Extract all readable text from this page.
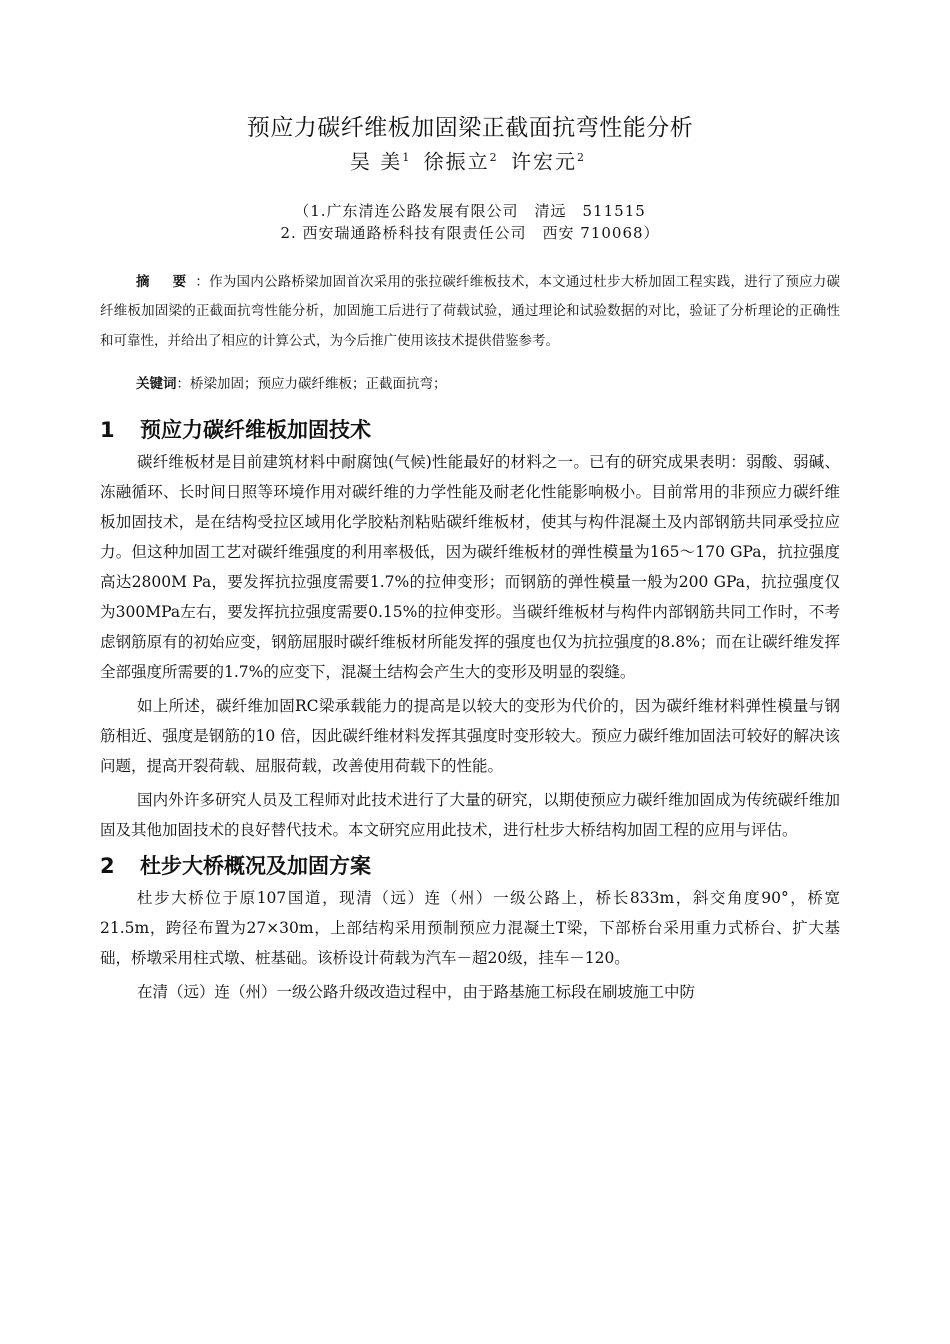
预应力碳纤维板加固梁正截面抗弯性能分析
吴 美$^1$ 徐振立$^2$ 许宏元$^2$
（1.广东清连公路发展有限公司　清远　511515
2. 西安瑞通路桥科技有限责任公司　西安 710068）

摘 要：作为国内公路桥梁加固首次采用的张拉碳纤维板技术，本文通过杜步大桥加固工程实践，进行了预应力碳纤维板加固梁的正截面抗弯性能分析，加固施工后进行了荷载试验，通过理论和试验数据的对比，验证了分析理论的正确性和可靠性，并给出了相应的计算公式，为今后推广使用该技术提供借鉴参考。

关键词：桥梁加固；预应力碳纤维板；正截面抗弯；

1	预应力碳纤维板加固技术

碳纤维板材是目前建筑材料中耐腐蚀(气候)性能最好的材料之一。已有的研究成果表明：弱酸、弱碱、冻融循环、长时间日照等环境作用对碳纤维的力学性能及耐老化性能影响极小。目前常用的非预应力碳纤维板加固技术，是在结构受拉区域用化学胶粘剂粘贴碳纤维板材，使其与构件混凝土及内部钢筋共同承受拉应力。但这种加固工艺对碳纤维强度的利用率极低，因为碳纤维板材的弹性模量为165～170 GPa，抗拉强度高达2800M Pa，要发挥抗拉强度需要1.7%的拉伸变形；而钢筋的弹性模量一般为200 GPa，抗拉强度仅为300MPa左右，要发挥抗拉强度需要0.15%的拉伸变形。当碳纤维板材与构件内部钢筋共同工作时，不考虑钢筋原有的初始应变，钢筋屈服时碳纤维板材所能发挥的强度也仅为抗拉强度的8.8%；而在让碳纤维发挥全部强度所需要的1.7%的应变下，混凝土结构会产生大的变形及明显的裂缝。

如上所述，碳纤维加固RC梁承载能力的提高是以较大的变形为代价的，因为碳纤维材料弹性模量与钢筋相近、强度是钢筋的10 倍，因此碳纤维材料发挥其强度时变形较大。预应力碳纤维加固法可较好的解决该问题，提高开裂荷载、屈服荷载，改善使用荷载下的性能。

国内外许多研究人员及工程师对此技术进行了大量的研究，以期使预应力碳纤维加固成为传统碳纤维加固及其他加固技术的良好替代技术。本文研究应用此技术，进行杜步大桥结构加固工程的应用与评估。

2	杜步大桥概况及加固方案

杜步大桥位于原107国道，现清（远）连（州）一级公路上，桥长833m，斜交角度90°，桥宽21.5m，跨径布置为27×30m，上部结构采用预制预应力混凝土T梁，下部桥台采用重力式桥台、扩大基础，桥墩采用柱式墩、桩基础。该桥设计荷载为汽车－超20级，挂车－120。

在清（远）连（州）一级公路升级改造过程中，由于路基施工标段在刷坡施工中防
